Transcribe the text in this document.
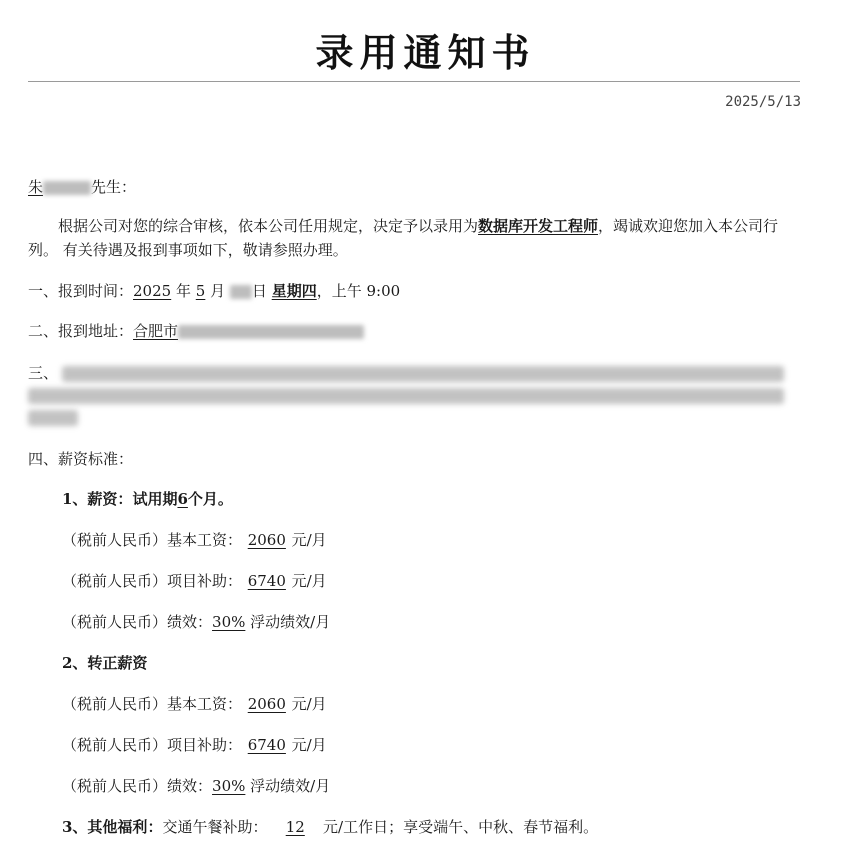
录用通知书
2025/5/13
朱	先生：
根据公司对您的综合审核，依本公司任用规定，决定予以录用为数据库开发工程师，竭诚欢迎您加入本公司行列。 有关待遇及报到事项如下，敬请参照办理。
一、报到时间：2025 年 5 月 日 星期四，上午 9:00
二、报到地址：合肥市
三、
四、薪资标准：
1、薪资：试用期6个月。
（税前人民币）基本工资： 2060 元/月
（税前人民币）项目补助： 6740 元/月
（税前人民币）绩效：30% 浮动绩效/月
2、转正薪资
（税前人民币）基本工资： 2060 元/月
（税前人民币）项目补助： 6740 元/月
（税前人民币）绩效：30% 浮动绩效/月
3、其他福利：交通午餐补助： 12 元/工作日；享受端午、中秋、春节福利。
